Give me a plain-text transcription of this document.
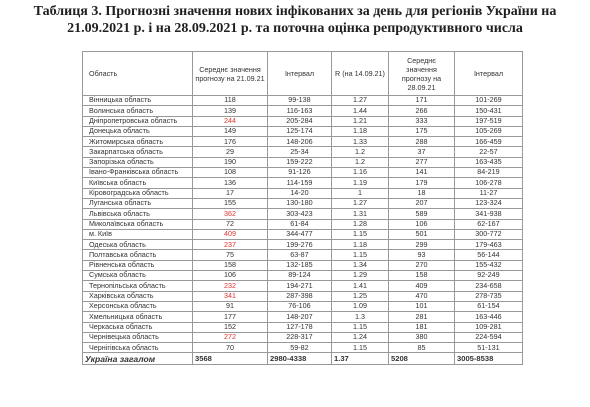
Таблиця 3. Прогнозні значення нових інфікованих за день для регіонів України на
21.09.2021 р. і на 28.09.2021 р. та поточна оцінка репродуктивного числа
Область	Середнє значення прогнозу на 21.09.21	Інтервал	R (на 14.09.21)	Середнє значення прогнозу на 28.09.21	Інтервал
Вінницька область	118	99-138	1.27	171	101-269
Волинська область	139	116-163	1.44	266	150-431
Дніпропетровська область	244	205-284	1.21	333	197-519
Донецька область	149	125-174	1.18	175	105-269
Житомирська область	176	148-206	1.33	288	166-459
Закарпатська область	29	25-34	1.2	37	22-57
Запорізька область	190	159-222	1.2	277	163-435
Івано-Франківська область	108	91-126	1.16	141	84-219
Київська область	136	114-159	1.19	179	106-278
Кіровоградська область	17	14-20	1	18	11-27
Луганська область	155	130-180	1.27	207	123-324
Львівська область	362	303-423	1.31	589	341-938
Миколаївська область	72	61-84	1.28	106	62-167
м. Київ	409	344-477	1.15	501	300-772
Одеська область	237	199-276	1.18	299	179-463
Полтавська область	75	63-87	1.15	93	56-144
Рівненська область	158	132-185	1.34	270	155-432
Сумська область	106	89-124	1.29	158	92-249
Тернопільська область	232	194-271	1.41	409	234-658
Харківська область	341	287-398	1.25	470	278-735
Херсонська область	91	76-106	1.09	101	61-154
Хмельницька область	177	148-207	1.3	281	163-446
Черкаська область	152	127-178	1.15	181	109-281
Чернівецька область	272	228-317	1.24	380	224-594
Чернігівська область	70	59-82	1.15	85	51-131
Україна загалом	3568	2980-4338	1.37	5208	3005-8538
